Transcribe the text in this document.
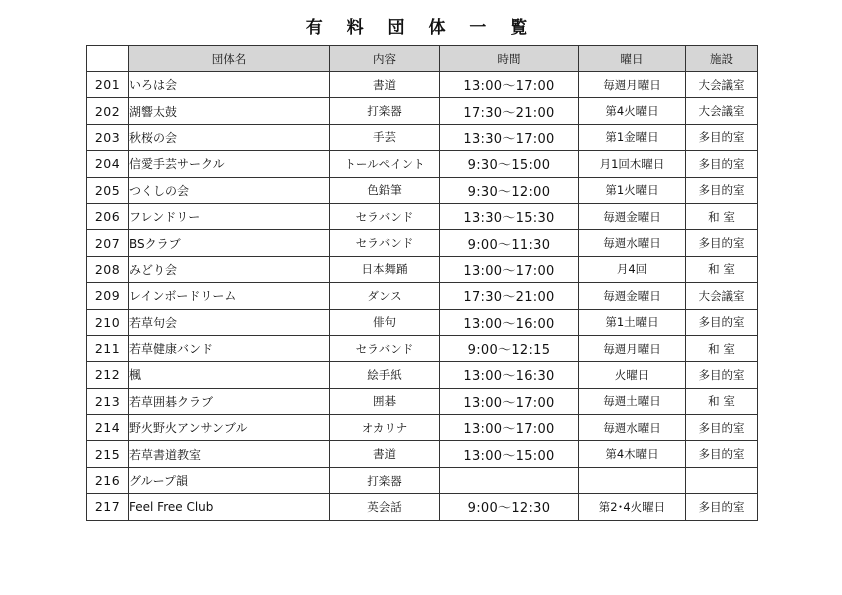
有 料 団 体 一 覧
	団体名	内容	時間	曜日	施設
201	いろは会	書道	13:00～17:00	毎週月曜日	大会議室
202	湖響太鼓	打楽器	17:30～21:00	第4火曜日	大会議室
203	秋桜の会	手芸	13:30～17:00	第1金曜日	多目的室
204	信愛手芸サークル	トールペイント	9:30～15:00	月1回木曜日	多目的室
205	つくしの会	色鉛筆	9:30～12:00	第1火曜日	多目的室
206	フレンドリー	セラバンド	13:30～15:30	毎週金曜日	和 室
207	BSクラブ	セラバンド	9:00～11:30	毎週水曜日	多目的室
208	みどり会	日本舞踊	13:00～17:00	月4回	和 室
209	レインボードリーム	ダンス	17:30～21:00	毎週金曜日	大会議室
210	若草句会	俳句	13:00～16:00	第1土曜日	多目的室
211	若草健康バンド	セラバンド	9:00～12:15	毎週月曜日	和 室
212	楓	絵手紙	13:00～16:30	火曜日	多目的室
213	若草囲碁クラブ	囲碁	13:00～17:00	毎週土曜日	和 室
214	野火野火アンサンブル	オカリナ	13:00～17:00	毎週水曜日	多目的室
215	若草書道教室	書道	13:00～15:00	第4木曜日	多目的室
216	グループ韻	打楽器			
217	Feel Free Club	英会話	9:00～12:30	第2･4火曜日	多目的室
